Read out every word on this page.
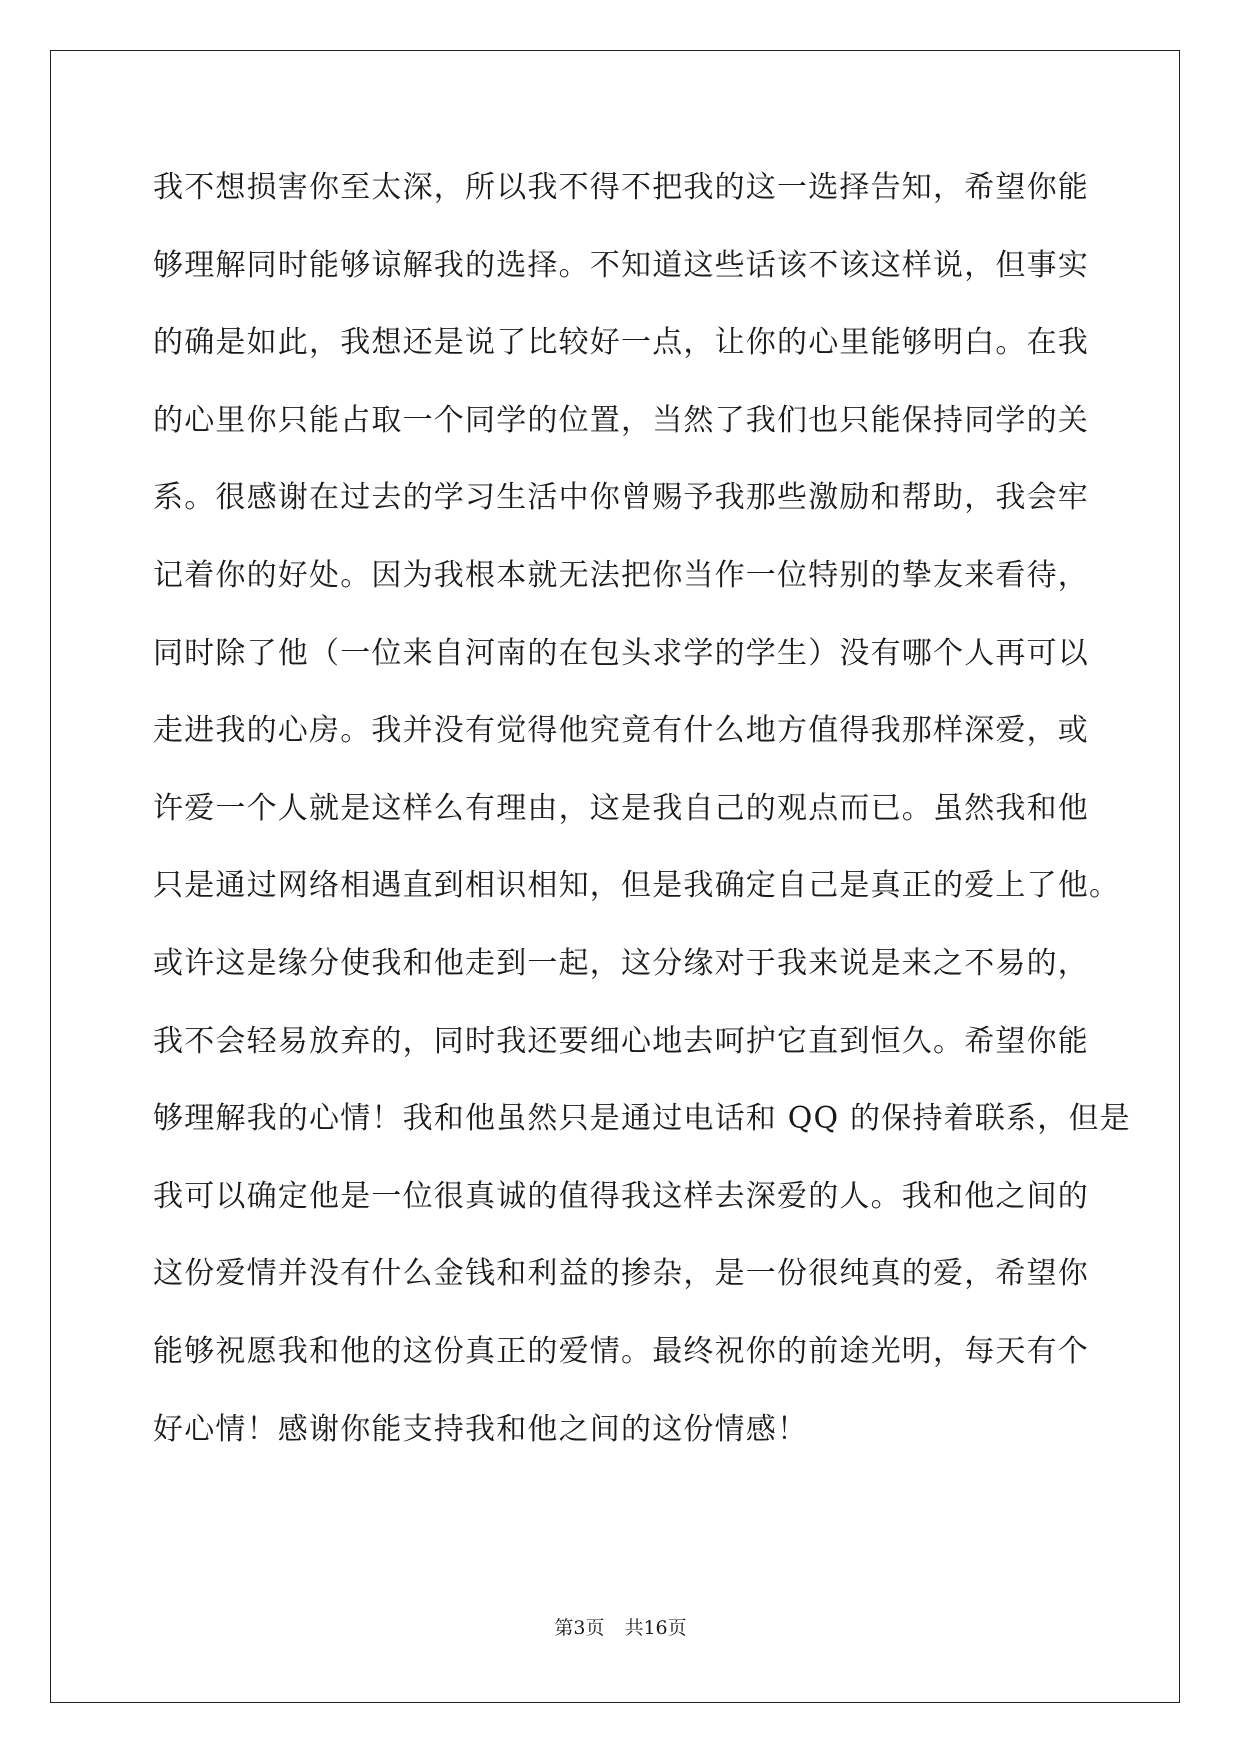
我不想损害你至太深，所以我不得不把我的这一选择告知，希望你能
够理解同时能够谅解我的选择。不知道这些话该不该这样说，但事实
的确是如此，我想还是说了比较好一点，让你的心里能够明白。在我
的心里你只能占取一个同学的位置，当然了我们也只能保持同学的关
系。很感谢在过去的学习生活中你曾赐予我那些激励和帮助，我会牢
记着你的好处。因为我根本就无法把你当作一位特别的挚友来看待，
同时除了他（一位来自河南的在包头求学的学生）没有哪个人再可以
走进我的心房。我并没有觉得他究竟有什么地方值得我那样深爱，或
许爱一个人就是这样么有理由，这是我自己的观点而已。虽然我和他
只是通过网络相遇直到相识相知，但是我确定自己是真正的爱上了他。
或许这是缘分使我和他走到一起，这分缘对于我来说是来之不易的，
我不会轻易放弃的，同时我还要细心地去呵护它直到恒久。希望你能
够理解我的心情！我和他虽然只是通过电话和 QQ 的保持着联系，但是
我可以确定他是一位很真诚的值得我这样去深爱的人。我和他之间的
这份爱情并没有什么金钱和利益的掺杂，是一份很纯真的爱，希望你
能够祝愿我和他的这份真正的爱情。最终祝你的前途光明，每天有个
好心情！感谢你能支持我和他之间的这份情感！
第3页 共16页
